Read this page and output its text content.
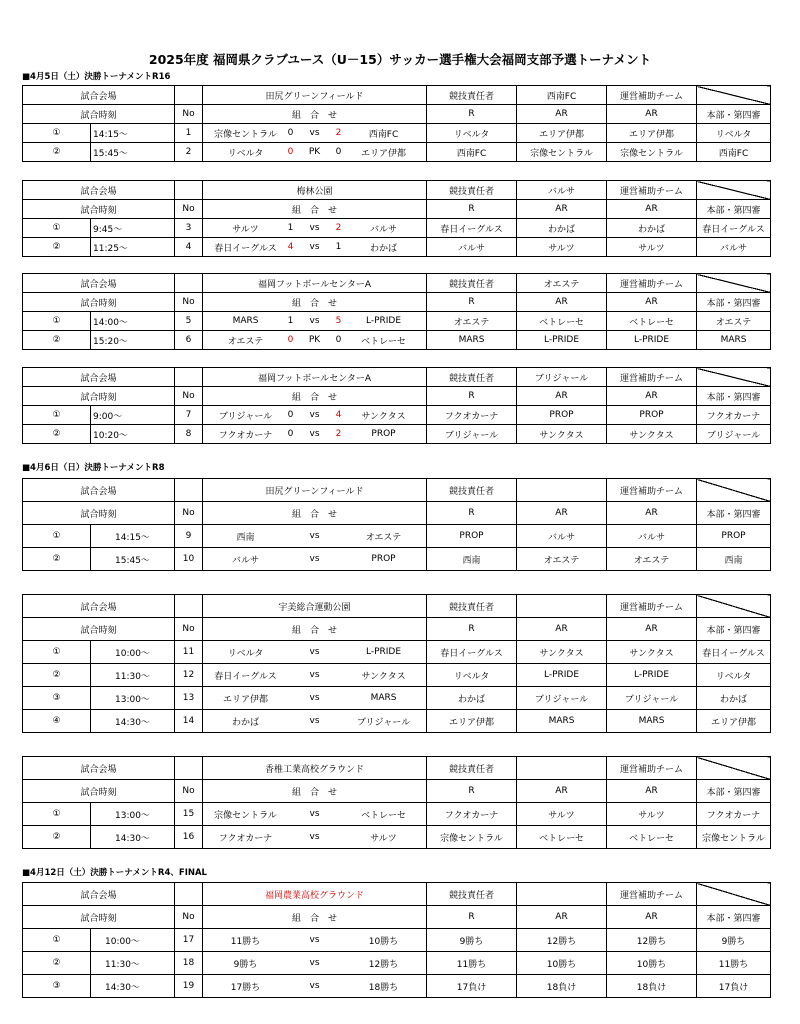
2025年度 福岡県クラブユース（U－15）サッカー選手権大会福岡支部予選トーナメント
■4月5日（土）決勝トーナメントR16
試合会場			田尻グリーンフィールド	競技責任者	西南FC	運営補助チーム	
試合時刻		No	組　合　せ	R	AR	AR	本部・第四審
①	14:15～	1	宗像セントラル 0 vs 2 西南FC	リベルタ	エリア伊都	エリア伊都	リベルタ
②	15:45～	2	リベルタ 0 PK 0 エリア伊都	西南FC	宗像セントラル	宗像セントラル	西南FC
試合会場			梅林公園	競技責任者	バルサ	運営補助チーム	
試合時刻		No	組　合　せ	R	AR	AR	本部・第四審
①	9:45～	3	サルツ 1 vs 2 バルサ	春日イーグルス	わかば	わかば	春日イーグルス
②	11:25～	4	春日イーグルス 4 vs 1 わかば	バルサ	サルツ	サルツ	バルサ
試合会場			福岡フットボールセンターA	競技責任者	オエステ	運営補助チーム	
試合時刻		No	組　合　せ	R	AR	AR	本部・第四審
①	14:00～	5	MARS 1 vs 5 L-PRIDE	オエステ	ベトレーセ	ベトレーセ	オエステ
②	15:20～	6	オエステ 0 PK 0 ベトレーセ	MARS	L-PRIDE	L-PRIDE	MARS
試合会場			福岡フットボールセンターA	競技責任者	ブリジャール	運営補助チーム	
試合時刻		No	組　合　せ	R	AR	AR	本部・第四審
①	9:00～	7	ブリジャール 0 vs 4 サンクタス	フクオカーナ	PROP	PROP	フクオカーナ
②	10:20～	8	フクオカーナ 0 vs 2 PROP	ブリジャール	サンクタス	サンクタス	ブリジャール
■4月6日（日）決勝トーナメントR8
試合会場			田尻グリーンフィールド	競技責任者		運営補助チーム	
試合時刻		No	組　合　せ	R	AR	AR	本部・第四審
①	14:15～	9	西南 vs オエステ	PROP	バルサ	バルサ	PROP
②	15:45～	10	バルサ vs PROP	西南	オエステ	オエステ	西南
試合会場			宇美総合運動公園	競技責任者		運営補助チーム	
試合時刻		No	組　合　せ	R	AR	AR	本部・第四審
①	10:00～	11	リベルタ vs L-PRIDE	春日イーグルス	サンクタス	サンクタス	春日イーグルス
②	11:30～	12	春日イーグルス vs サンクタス	リベルタ	L-PRIDE	L-PRIDE	リベルタ
③	13:00～	13	エリア伊都 vs MARS	わかば	ブリジャール	ブリジャール	わかば
④	14:30～	14	わかば vs ブリジャール	エリア伊都	MARS	MARS	エリア伊都
試合会場			香椎工業高校グラウンド	競技責任者		運営補助チーム	
試合時刻		No	組　合　せ	R	AR	AR	本部・第四審
①	13:00～	15	宗像セントラル vs ベトレーセ	フクオカーナ	サルツ	サルツ	フクオカーナ
②	14:30～	16	フクオカーナ vs サルツ	宗像セントラル	ベトレーセ	ベトレーセ	宗像セントラル
■4月12日（土）決勝トーナメントR4、FINAL
試合会場			福岡農業高校グラウンド	競技責任者		運営補助チーム	
試合時刻		No	組　合　せ	R	AR	AR	本部・第四審
①	10:00～	17	11勝ち vs 10勝ち	9勝ち	12勝ち	12勝ち	9勝ち
②	11:30～	18	9勝ち vs 12勝ち	11勝ち	10勝ち	10勝ち	11勝ち
③	14:30～	19	17勝ち vs 18勝ち	17負け	18負け	18負け	17負け
